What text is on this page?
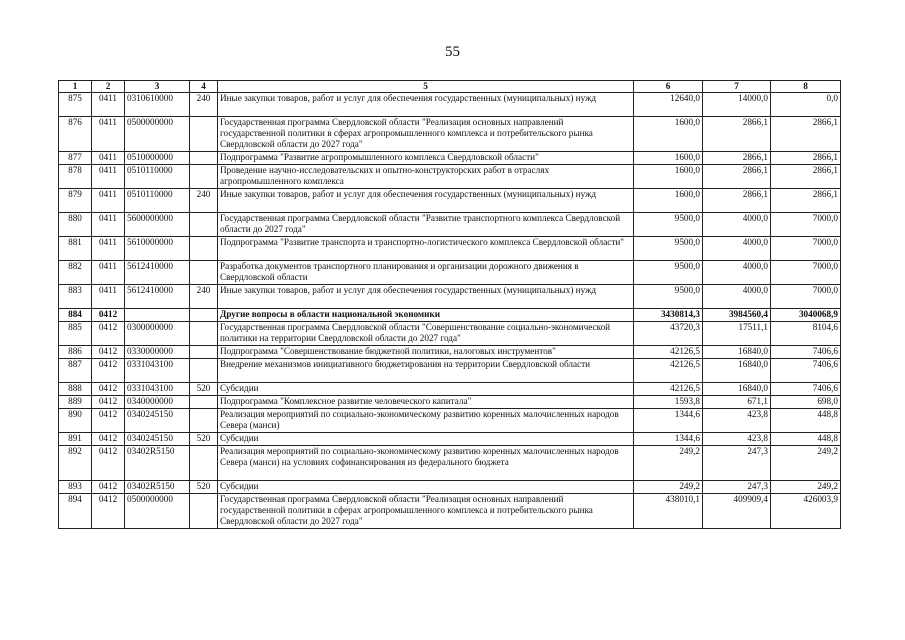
55
1	2	3	4	5	6	7	8
875	0411	0310610000	240	Иные закупки товаров, работ и услуг для обеспечения государственных (муниципальных) нужд	12640,0	14000,0	0,0
876	0411	0500000000		Государственная программа Свердловской области "Реализация основных направлений государственной политики в сферах агропромышленного комплекса и потребительского рынка Свердловской области до 2027 года"	1600,0	2866,1	2866,1
877	0411	0510000000		Подпрограмма "Развитие агропромышленного комплекса Свердловской области"	1600,0	2866,1	2866,1
878	0411	0510110000		Проведение научно-исследовательских и опытно-конструкторских работ в отраслях агропромышленного комплекса	1600,0	2866,1	2866,1
879	0411	0510110000	240	Иные закупки товаров, работ и услуг для обеспечения государственных (муниципальных) нужд	1600,0	2866,1	2866,1
880	0411	5600000000		Государственная программа Свердловской области "Развитие транспортного комплекса Свердловской области до 2027 года"	9500,0	4000,0	7000,0
881	0411	5610000000		Подпрограмма "Развитие транспорта и транспортно-логистического комплекса Свердловской области"	9500,0	4000,0	7000,0
882	0411	5612410000		Разработка документов транспортного планирования и организации дорожного движения в Свердловской области	9500,0	4000,0	7000,0
883	0411	5612410000	240	Иные закупки товаров, работ и услуг для обеспечения государственных (муниципальных) нужд	9500,0	4000,0	7000,0
884	0412			Другие вопросы в области национальной экономики	3430814,3	3984560,4	3040068,9
885	0412	0300000000		Государственная программа Свердловской области "Совершенствование социально-экономической политики на территории Свердловской области до 2027 года"	43720,3	17511,1	8104,6
886	0412	0330000000		Подпрограмма "Совершенствование бюджетной политики, налоговых инструментов"	42126,5	16840,0	7406,6
887	0412	0331043100		Внедрение механизмов инициативного бюджетирования на территории Свердловской области	42126,5	16840,0	7406,6
888	0412	0331043100	520	Субсидии	42126,5	16840,0	7406,6
889	0412	0340000000		Подпрограмма "Комплексное развитие человеческого капитала"	1593,8	671,1	698,0
890	0412	0340245150		Реализация мероприятий по социально-экономическому развитию коренных малочисленных народов Севера (манси)	1344,6	423,8	448,8
891	0412	0340245150	520	Субсидии	1344,6	423,8	448,8
892	0412	03402R5150		Реализация мероприятий по социально-экономическому развитию коренных малочисленных народов Севера (манси) на условиях софинансирования из федерального бюджета	249,2	247,3	249,2
893	0412	03402R5150	520	Субсидии	249,2	247,3	249,2
894	0412	0500000000		Государственная программа Свердловской области "Реализация основных направлений государственной политики в сферах агропромышленного комплекса и потребительского рынка Свердловской области до 2027 года"	438010,1	409909,4	426003,9
